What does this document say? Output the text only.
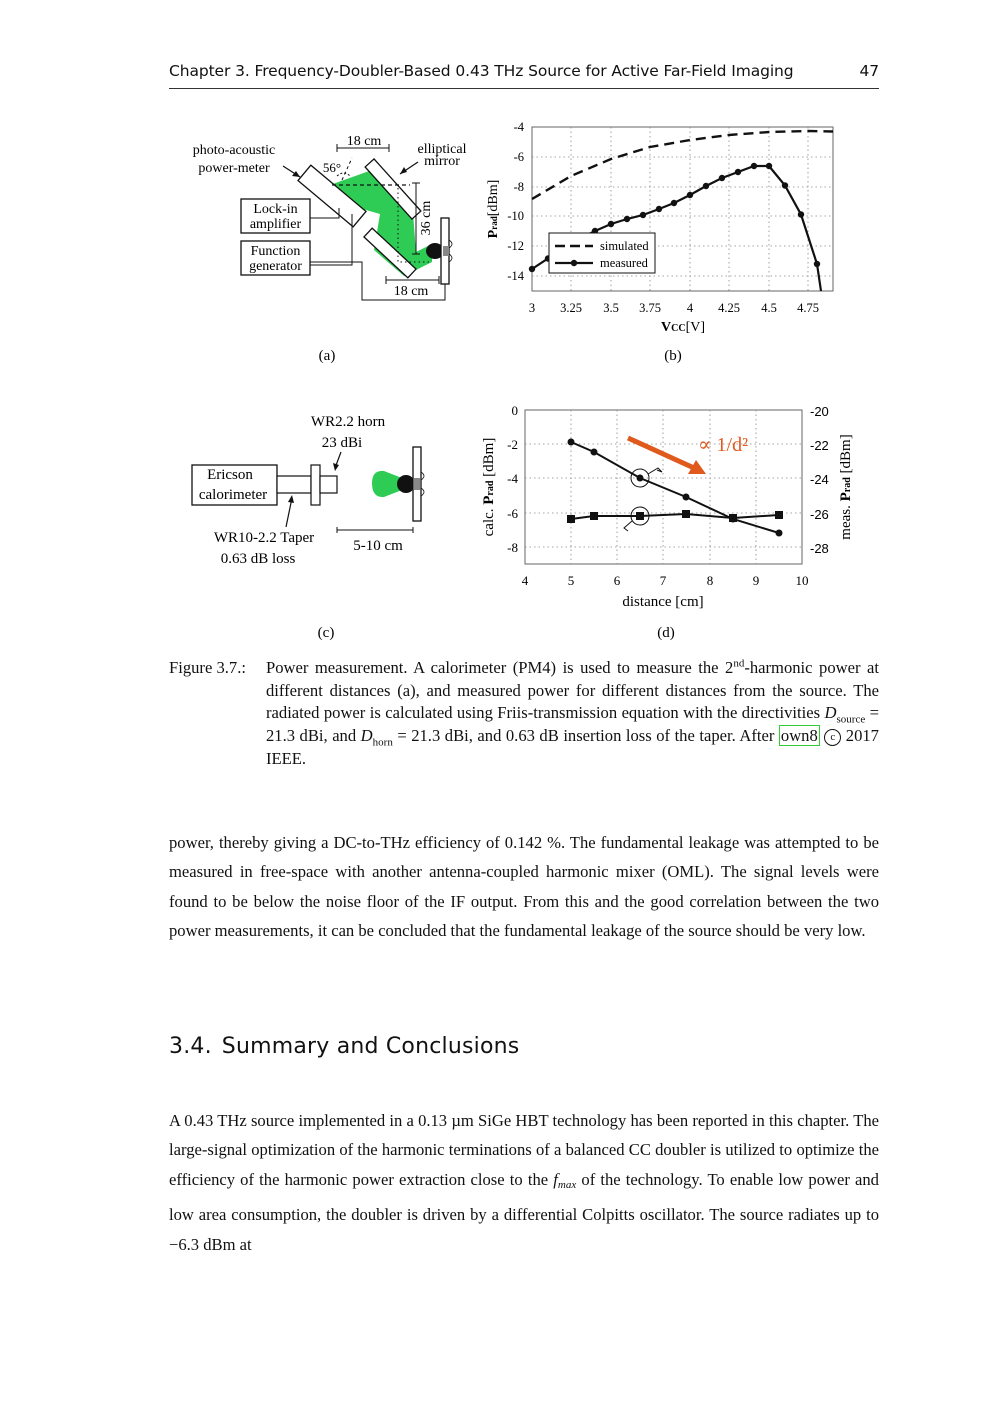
Chapter 3. Frequency-Doubler-Based 0.43 THz Source for Active Far-Field Imaging	47
Lock-in
amplifier
Function
generator
18 cm
36 cm
18 cm
56°
photo-acoustic
power-meter
elliptical
mirror
(a)
-4
-6
-8
-10
-12
-14
3 3.25 3.5 3.75 4 4.25 4.5 4.75
VCC[V]
Prad[dBm]
simulated
measured
(b)
Ericson
calorimeter
WR2.2 horn
23 dBi
WR10-2.2 Taper
0.63 dB loss
5-10 cm
(c)
0
-2
-4
-6
-8
-20
-22
-24
-26
-28
4	5	6	7	8	9	10
distance [cm]
calc. Prad [dBm]
meas. Prad [dBm]
∝ 1/d²
(d)
Figure 3.7.: Power measurement. A calorimeter (PM4) is used to measure the 2nd-harmonic power at different distances (a), and measured power for different distances from the source. The radiated power is calculated using Friis-transmission equation with the directivities $D_{source} = 21.3$ dBi, and $D_{horn} = 21.3$ dBi, and 0.63 dB insertion loss of the taper. After own8 c 2017 IEEE.

power, thereby giving a DC-to-THz efficiency of 0.142 %. The fundamental leakage was attempted to be measured in free-space with another antenna-coupled harmonic mixer (OML). The signal levels were found to be below the noise floor of the IF output. From this and the good correlation between the two power measurements, it can be concluded that the fundamental leakage of the source should be very low.

3.4. Summary and Conclusions

A 0.43 THz source implemented in a 0.13 µm SiGe HBT technology has been reported in this chapter. The large-signal optimization of the harmonic terminations of a balanced CC doubler is utilized to optimize the efficiency of the harmonic power extraction close to the fmax of the technology. To enable low power and low area consumption, the doubler is driven by a differential Colpitts oscillator. The source radiates up to −6.3 dBm at
